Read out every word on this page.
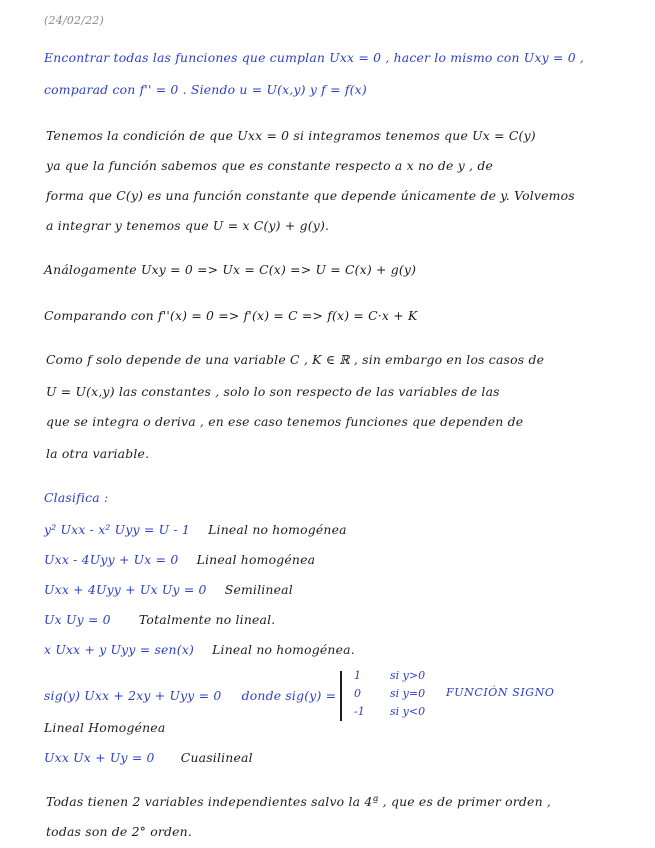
(24/02/22)
Encontrar todas las funciones que cumplan Uxx = 0 , hacer lo mismo con Uxy = 0 ,
comparad con f'' = 0 . Siendo u = U(x,y) y f = f(x)
Tenemos la condición de que Uxx = 0 si integramos tenemos que Ux = C(y)
ya que la función sabemos que es constante respecto a x no de y , de
forma que C(y) es una función constante que depende únicamente de y. Volvemos
a integrar y tenemos que U = x C(y) + g(y).
Análogamente Uxy = 0 => Ux = C(x) => U = C(x) + g(y)
Comparando con f''(x) = 0 => f'(x) = C => f(x) = C·x + K
Como f solo depende de una variable C , K ∈ ℝ , sin embargo en los casos de
U = U(x,y) las constantes , solo lo son respecto de las variables de las
que se integra o deriva , en ese caso tenemos funciones que dependen de
la otra variable.
Clasifica :
y² Uxx - x² Uyy = U - 1 Lineal no homogénea
Uxx - 4Uyy + Ux = 0 Lineal homogénea
Uxx + 4Uyy + Ux Uy = 0 Semilineal
Ux Uy = 0 Totalmente no lineal.
x Uxx + y Uyy = sen(x) Lineal no homogénea.
sig(y) Uxx + 2xy + Uyy = 0 donde sig(y) =
1	si y>0
0	si y=0
-1 si y<0
FUNCIÓN SIGNO
Lineal Homogénea
Uxx Ux + Uy = 0 Cuasilineal
Todas tienen 2 variables independientes salvo la 4ª , que es de primer orden ,
todas son de 2° orden.
